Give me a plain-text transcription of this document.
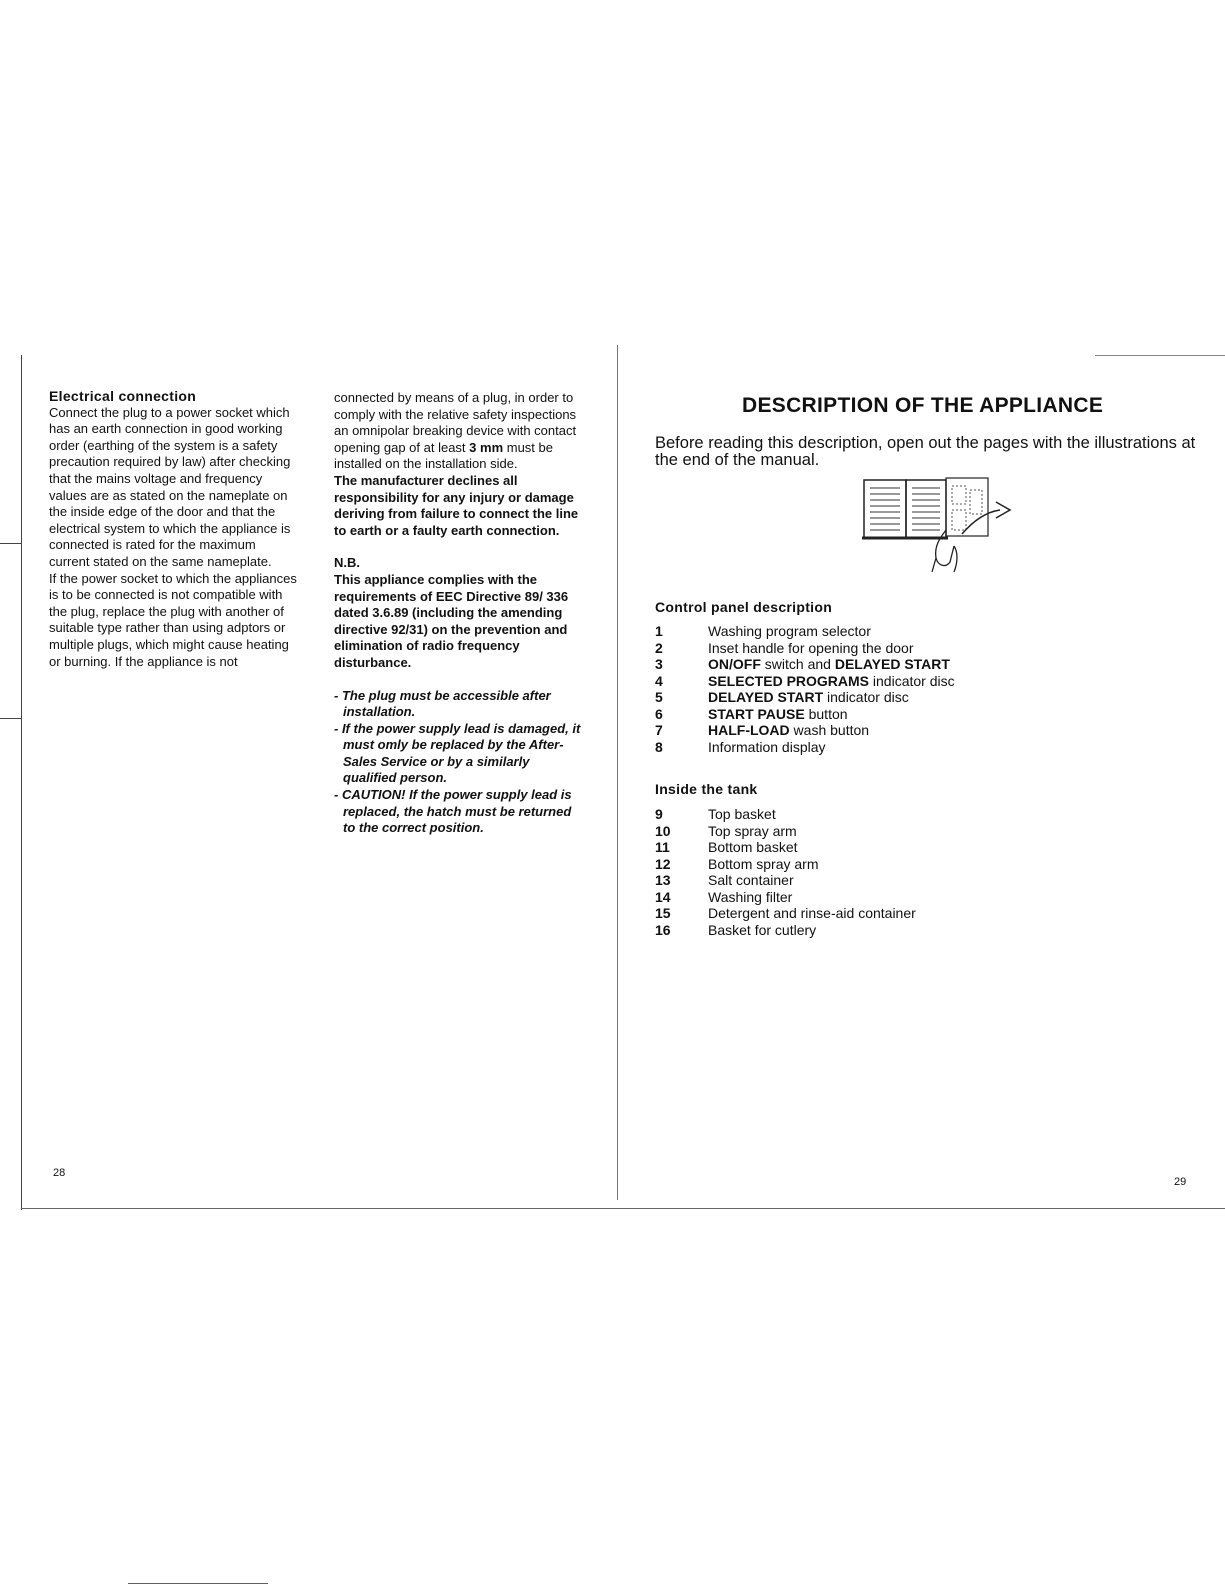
Electrical connection

Connect the plug to a power socket which has an earth connection in good working order (earthing of the system is a safety precaution required by law) after checking that the mains voltage and frequency values are as stated on the nameplate on the inside edge of the door and that the electrical system to which the appliance is connected is rated for the maximum current stated on the same nameplate.

If the power socket to which the appliances is to be connected is not compatible with the plug, replace the plug with another of suitable type rather than using adptors or multiple plugs, which might cause heating or burning. If the appliance is not

connected by means of a plug, in order to comply with the relative safety inspections an omnipolar breaking device with contact opening gap of at least 3 mm must be installed on the installation side.

The manufacturer declines all responsibility for any injury or damage deriving from failure to connect the line to earth or a faulty earth connection.

N.B.

This appliance complies with the requirements of EEC Directive 89/ 336 dated 3.6.89 (including the amending directive 92/31) on the prevention and elimination of radio frequency disturbance.

- The plug must be accessible after installation.

- If the power supply lead is damaged, it must omly be replaced by the After-Sales Service or by a similarly qualified person.

- CAUTION! If the power supply lead is replaced, the hatch must be returned to the correct position.

28
DESCRIPTION OF THE APPLIANCE
Before reading this description, open out the pages with the illustrations at the end of the manual.
Control panel description
1	Washing program selector
2	Inset handle for opening the door
3	ON/OFF switch and DELAYED START
4	SELECTED PROGRAMS indicator disc
5	DELAYED START indicator disc
6	START PAUSE button
7	HALF-LOAD wash button
8	Information display
Inside the tank
9	Top basket
10	Top spray arm
11	Bottom basket
12	Bottom spray arm
13	Salt container
14	Washing filter
15	Detergent and rinse-aid container
16	Basket for cutlery
29
